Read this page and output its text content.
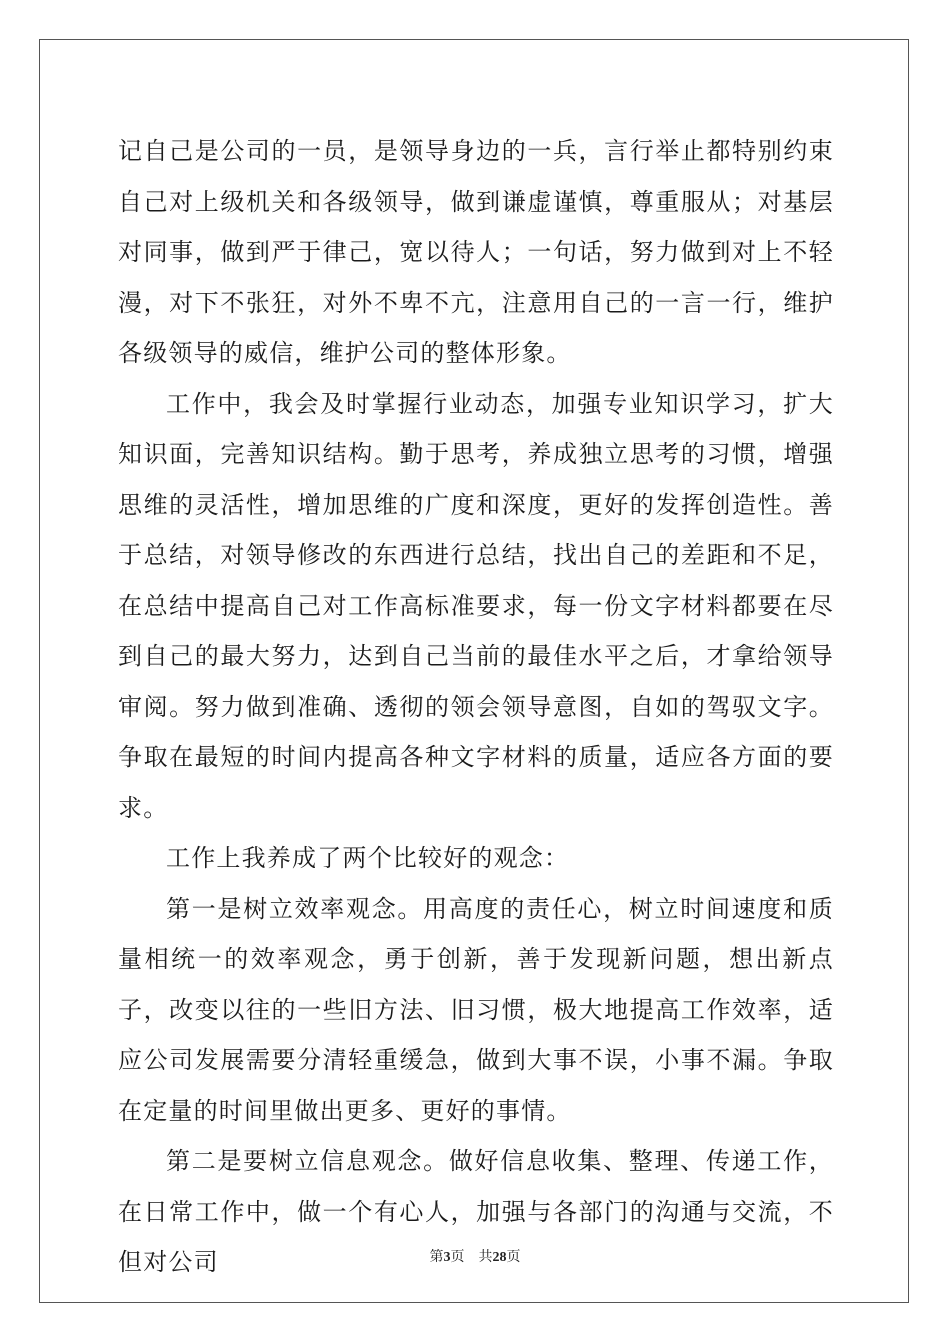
记自己是公司的一员，是领导身边的一兵，言行举止都特别约束自己对上级机关和各级领导，做到谦虚谨慎，尊重服从；对基层对同事，做到严于律己，宽以待人；一句话，努力做到对上不轻漫，对下不张狂，对外不卑不亢，注意用自己的一言一行，维护各级领导的威信，维护公司的整体形象。

工作中，我会及时掌握行业动态，加强专业知识学习，扩大知识面，完善知识结构。勤于思考，养成独立思考的习惯，增强思维的灵活性，增加思维的广度和深度，更好的发挥创造性。善于总结，对领导修改的东西进行总结，找出自己的差距和不足，在总结中提高自己对工作高标准要求，每一份文字材料都要在尽到自己的最大努力，达到自己当前的最佳水平之后，才拿给领导审阅。努力做到准确、透彻的领会领导意图，自如的驾驭文字。争取在最短的时间内提高各种文字材料的质量，适应各方面的要求。

工作上我养成了两个比较好的观念：

第一是树立效率观念。用高度的责任心，树立时间速度和质量相统一的效率观念，勇于创新，善于发现新问题，想出新点子，改变以往的一些旧方法、旧习惯，极大地提高工作效率，适应公司发展需要分清轻重缓急，做到大事不误，小事不漏。争取在定量的时间里做出更多、更好的事情。

第二是要树立信息观念。做好信息收集、整理、传递工作，在日常工作中，做一个有心人，加强与各部门的沟通与交流，不但对公司	第3页 共28页
